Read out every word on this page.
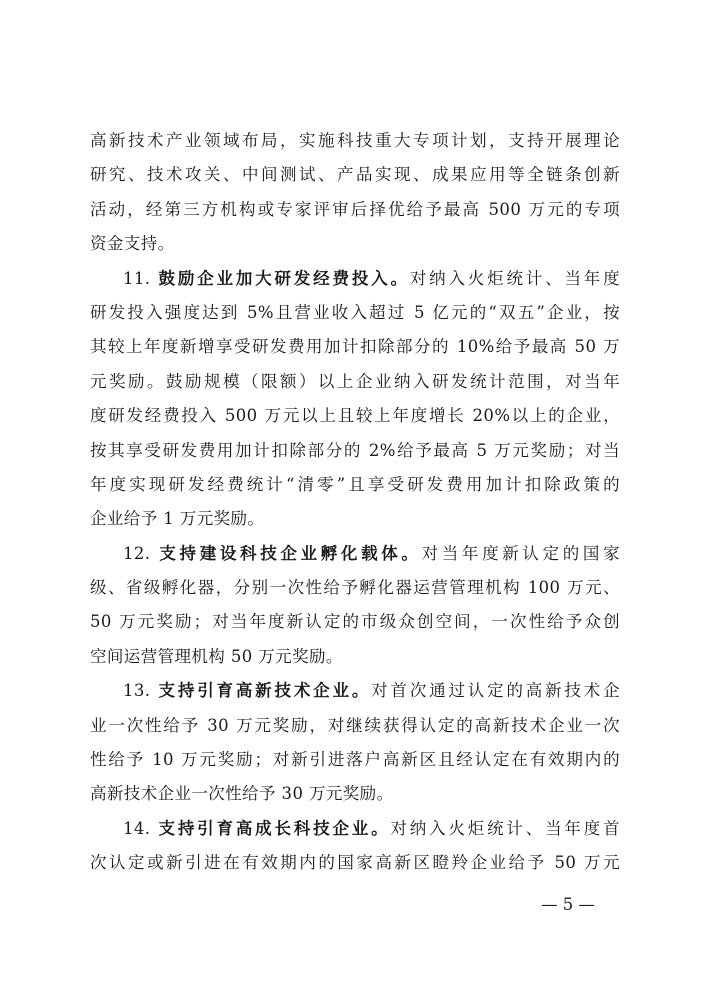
高新技术产业领域布局，实施科技重大专项计划，支持开展理论
研究、技术攻关、中间测试、产品实现、成果应用等全链条创新
活动，经第三方机构或专家评审后择优给予最高 500 万元的专项
资金支持。
11. 鼓励企业加大研发经费投入。对纳入火炬统计、当年度
研发投入强度达到 5%且营业收入超过 5 亿元的“双五”企业，按
其较上年度新增享受研发费用加计扣除部分的 10%给予最高 50 万
元奖励。鼓励规模（限额）以上企业纳入研发统计范围，对当年
度研发经费投入 500 万元以上且较上年度增长 20%以上的企业，
按其享受研发费用加计扣除部分的 2%给予最高 5 万元奖励；对当
年度实现研发经费统计“清零”且享受研发费用加计扣除政策的
企业给予 1 万元奖励。
12. 支持建设科技企业孵化载体。对当年度新认定的国家
级、省级孵化器，分别一次性给予孵化器运营管理机构 100 万元、
50 万元奖励；对当年度新认定的市级众创空间，一次性给予众创
空间运营管理机构 50 万元奖励。
13. 支持引育高新技术企业。对首次通过认定的高新技术企
业一次性给予 30 万元奖励，对继续获得认定的高新技术企业一次
性给予 10 万元奖励；对新引进落户高新区且经认定在有效期内的
高新技术企业一次性给予 30 万元奖励。
14. 支持引育高成长科技企业。对纳入火炬统计、当年度首
次认定或新引进在有效期内的国家高新区瞪羚企业给予 50 万元
— 5 —
